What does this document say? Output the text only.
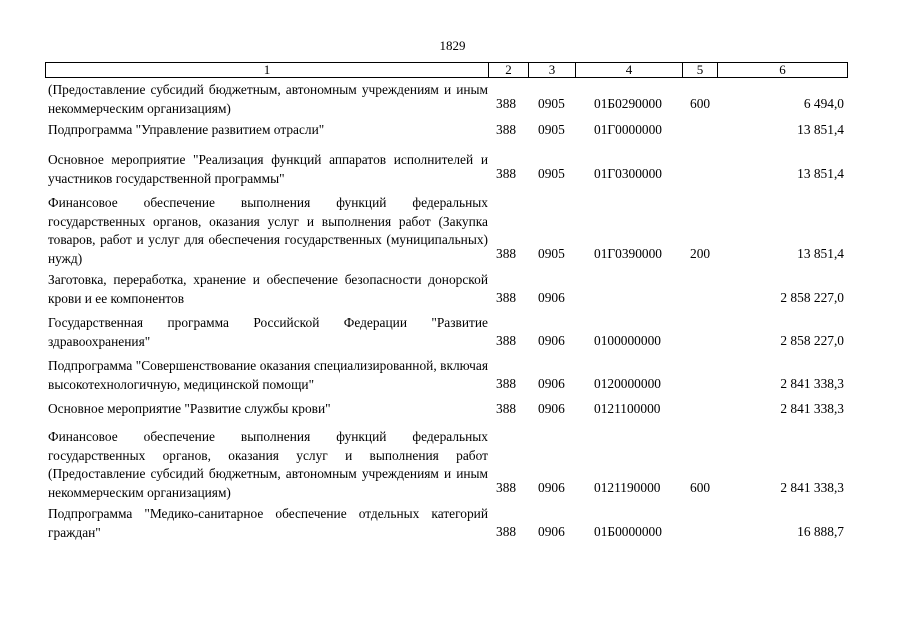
1829
1	2	3	4	5	6
(Предоставление субсидий бюджетным, автономным учреждениям и иным некоммерческим организациям)	388 0905 01Б0290000 600	6 494,0
Подпрограмма "Управление развитием отрасли"	388 0905 01Г0000000	13 851,4
Основное мероприятие "Реализация функций аппаратов исполнителей и участников государственной программы"	388 0905 01Г0300000	13 851,4
Финансовое обеспечение выполнения функций федеральных государственных органов, оказания услуг и выполнения работ (Закупка товаров, работ и услуг для обеспечения государственных (муниципальных) нужд)	388 0905 01Г0390000 200	13 851,4
Заготовка, переработка, хранение и обеспечение безопасности донорской крови и ее компонентов	388 0906	2 858 227,0
Государственная программа Российской Федерации "Развитие здравоохранения"	388 0906 0100000000	2 858 227,0
Подпрограмма "Совершенствование оказания специализированной, включая высокотехнологичную, медицинской помощи"	388 0906 0120000000	2 841 338,3
Основное мероприятие "Развитие службы крови"	388 0906 0121100000	2 841 338,3
Финансовое обеспечение выполнения функций федеральных государственных органов, оказания услуг и выполнения работ (Предоставление субсидий бюджетным, автономным учреждениям и иным некоммерческим организациям)	388 0906 0121190000 600	2 841 338,3
Подпрограмма "Медико-санитарное обеспечение отдельных категорий граждан"	388 0906 01Б0000000	16 888,7
